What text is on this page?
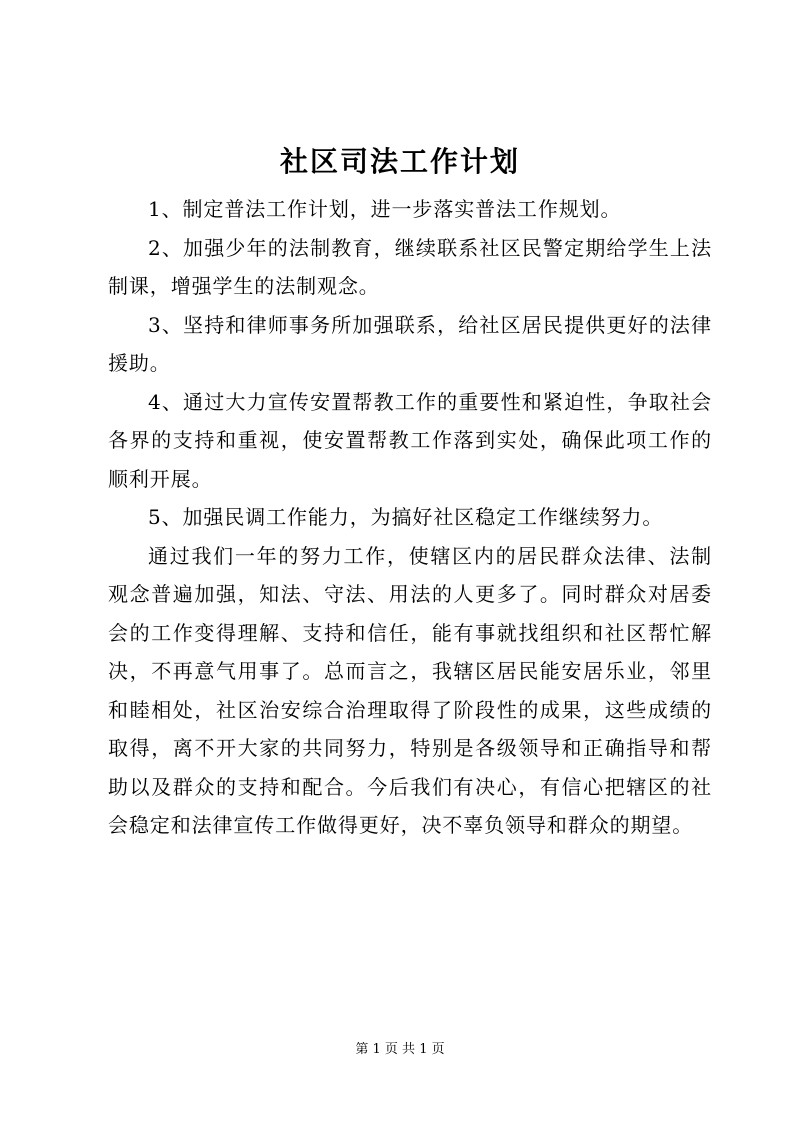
社区司法工作计划

1、制定普法工作计划，进一步落实普法工作规划。

2、加强少年的法制教育，继续联系社区民警定期给学生上法制课，增强学生的法制观念。

3、坚持和律师事务所加强联系，给社区居民提供更好的法律援助。

4、通过大力宣传安置帮教工作的重要性和紧迫性，争取社会各界的支持和重视，使安置帮教工作落到实处，确保此项工作的顺利开展。

5、加强民调工作能力，为搞好社区稳定工作继续努力。

通过我们一年的努力工作，使辖区内的居民群众法律、法制观念普遍加强，知法、守法、用法的人更多了。同时群众对居委会的工作变得理解、支持和信任，能有事就找组织和社区帮忙解决，不再意气用事了。总而言之，我辖区居民能安居乐业，邻里和睦相处，社区治安综合治理取得了阶段性的成果，这些成绩的取得，离不开大家的共同努力，特别是各级领导和正确指导和帮助以及群众的支持和配合。今后我们有决心，有信心把辖区的社会稳定和法律宣传工作做得更好，决不辜负领导和群众的期望。

第 1 页 共 1 页
